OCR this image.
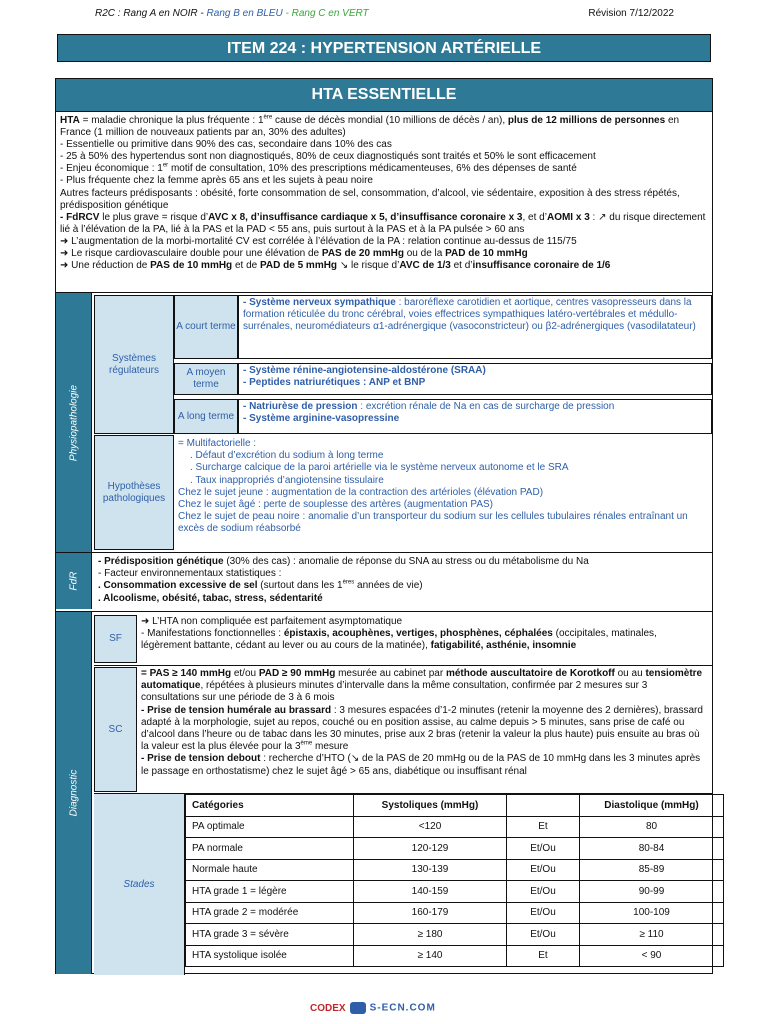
R2C : Rang A en NOIR - Rang B en BLEU - Rang C en VERT	Révision 7/12/2022
ITEM 224 : HYPERTENSION ARTÉRIELLE
HTA ESSENTIELLE

HTA = maladie chronique la plus fréquente : 1ère cause de décès mondial (10 millions de décès / an), plus de 12 millions de personnes en France (1 million de nouveaux patients par an, 30% des adultes)

- Essentielle ou primitive dans 90% des cas, secondaire dans 10% des cas

- 25 à 50% des hypertendus sont non diagnostiqués, 80% de ceux diagnostiqués sont traités et 50% le sont efficacement

- Enjeu économique : 1er motif de consultation, 10% des prescriptions médicamenteuses, 6% des dépenses de santé

- Plus fréquente chez la femme après 65 ans et les sujets à peau noire

Autres facteurs prédisposants : obésité, forte consommation de sel, consommation, d’alcool, vie sédentaire, exposition à des stress répétés, prédisposition génétique

- FdRCV le plus grave = risque d’AVC x 8, d’insuffisance cardiaque x 5, d’insuffisance coronaire x 3, et d’AOMI x 3 : ↗ du risque directement lié à l’élévation de la PA, lié à la PAS et la PAD < 55 ans, puis surtout à la PAS et à la PA pulsée > 60 ans

➜ L’augmentation de la morbi-mortalité CV est corrélée à l’élévation de la PA : relation continue au-dessus de 115/75

➜ Le risque cardiovasculaire double pour une élévation de PAS de 20 mmHg ou de la PAD de 10 mmHg

➜ Une réduction de PAS de 10 mmHg et de PAD de 5 mmHg ↘ le risque d’AVC de 1/3 et d’insuffisance coronaire de 1/6

Physiopathologie
Systèmes régulateurs
A court terme
- Système nerveux sympathique : baroréflexe carotidien et aortique, centres vasopresseurs dans la formation réticulée du tronc cérébral, voies effectrices sympathiques latéro-vertébrales et médullo-surrénales, neuromédiateurs α1-adrénergique (vasoconstricteur) ou β2-adrénergiques (vasodilatateur)
A moyen terme
- Système rénine-angiotensine-aldostérone (SRAA)
- Peptides natriurétiques : ANP et BNP
A long terme
- Natriurèse de pression : excrétion rénale de Na en cas de surcharge de pression
- Système arginine-vasopressine
Hypothèses pathologiques
= Multifactorielle :
. Défaut d’excrétion du sodium à long terme
. Surcharge calcique de la paroi artérielle via le système nerveux autonome et le SRA
. Taux inappropriés d’angiotensine tissulaire
Chez le sujet jeune : augmentation de la contraction des artérioles (élévation PAD)
Chez le sujet âgé : perte de souplesse des artères (augmentation PAS)
Chez le sujet de peau noire : anomalie d’un transporteur du sodium sur les cellules tubulaires rénales entraînant un excès de sodium réabsorbé
FdR
- Prédisposition génétique (30% des cas) : anomalie de réponse du SNA au stress ou du métabolisme du Na
- Facteur environnementaux statistiques :
. Consommation excessive de sel (surtout dans les 1ères années de vie)
. Alcoolisme, obésité, tabac, stress, sédentarité
Diagnostic
SF
➜ L’HTA non compliquée est parfaitement asymptomatique
- Manifestations fonctionnelles : épistaxis, acouphènes, vertiges, phosphènes, céphalées (occipitales, matinales, légèrement battante, cédant au lever ou au cours de la matinée), fatigabilité, asthénie, insomnie
SC
= PAS ≥ 140 mmHg et/ou PAD ≥ 90 mmHg mesurée au cabinet par méthode auscultatoire de Korotkoff ou au tensiomètre automatique, répétées à plusieurs minutes d’intervalle dans la même consultation, confirmée par 2 mesures sur 3 consultations sur une période de 3 à 6 mois
- Prise de tension humérale au brassard : 3 mesures espacées d’1-2 minutes (retenir la moyenne des 2 dernières), brassard adapté à la morphologie, sujet au repos, couché ou en position assise, au calme depuis > 5 minutes, sans prise de café ou d’alcool dans l’heure ou de tabac dans les 30 minutes, prise aux 2 bras (retenir la valeur la plus haute) puis ensuite au bras où la valeur est la plus élevée pour la 3ème mesure
- Prise de tension debout : recherche d’HTO (↘ de la PAS de 20 mmHg ou de la PAS de 10 mmHg dans les 3 minutes après le passage en orthostatisme) chez le sujet âgé > 65 ans, diabétique ou insuffisant rénal
Stades
Catégories	Systoliques (mmHg)		Diastolique (mmHg)
PA optimale	<120	Et	80
PA normale	120-129	Et/Ou	80-84
Normale haute	130-139	Et/Ou	85-89
HTA grade 1 = légère	140-159	Et/Ou	90-99
HTA grade 2 = modérée	160-179	Et/Ou	100-109
HTA grade 3 = sévère	≥ 180	Et/Ou	≥ 110
HTA systolique isolée	≥ 140	Et	< 90
CODEX S-ECN.COM
